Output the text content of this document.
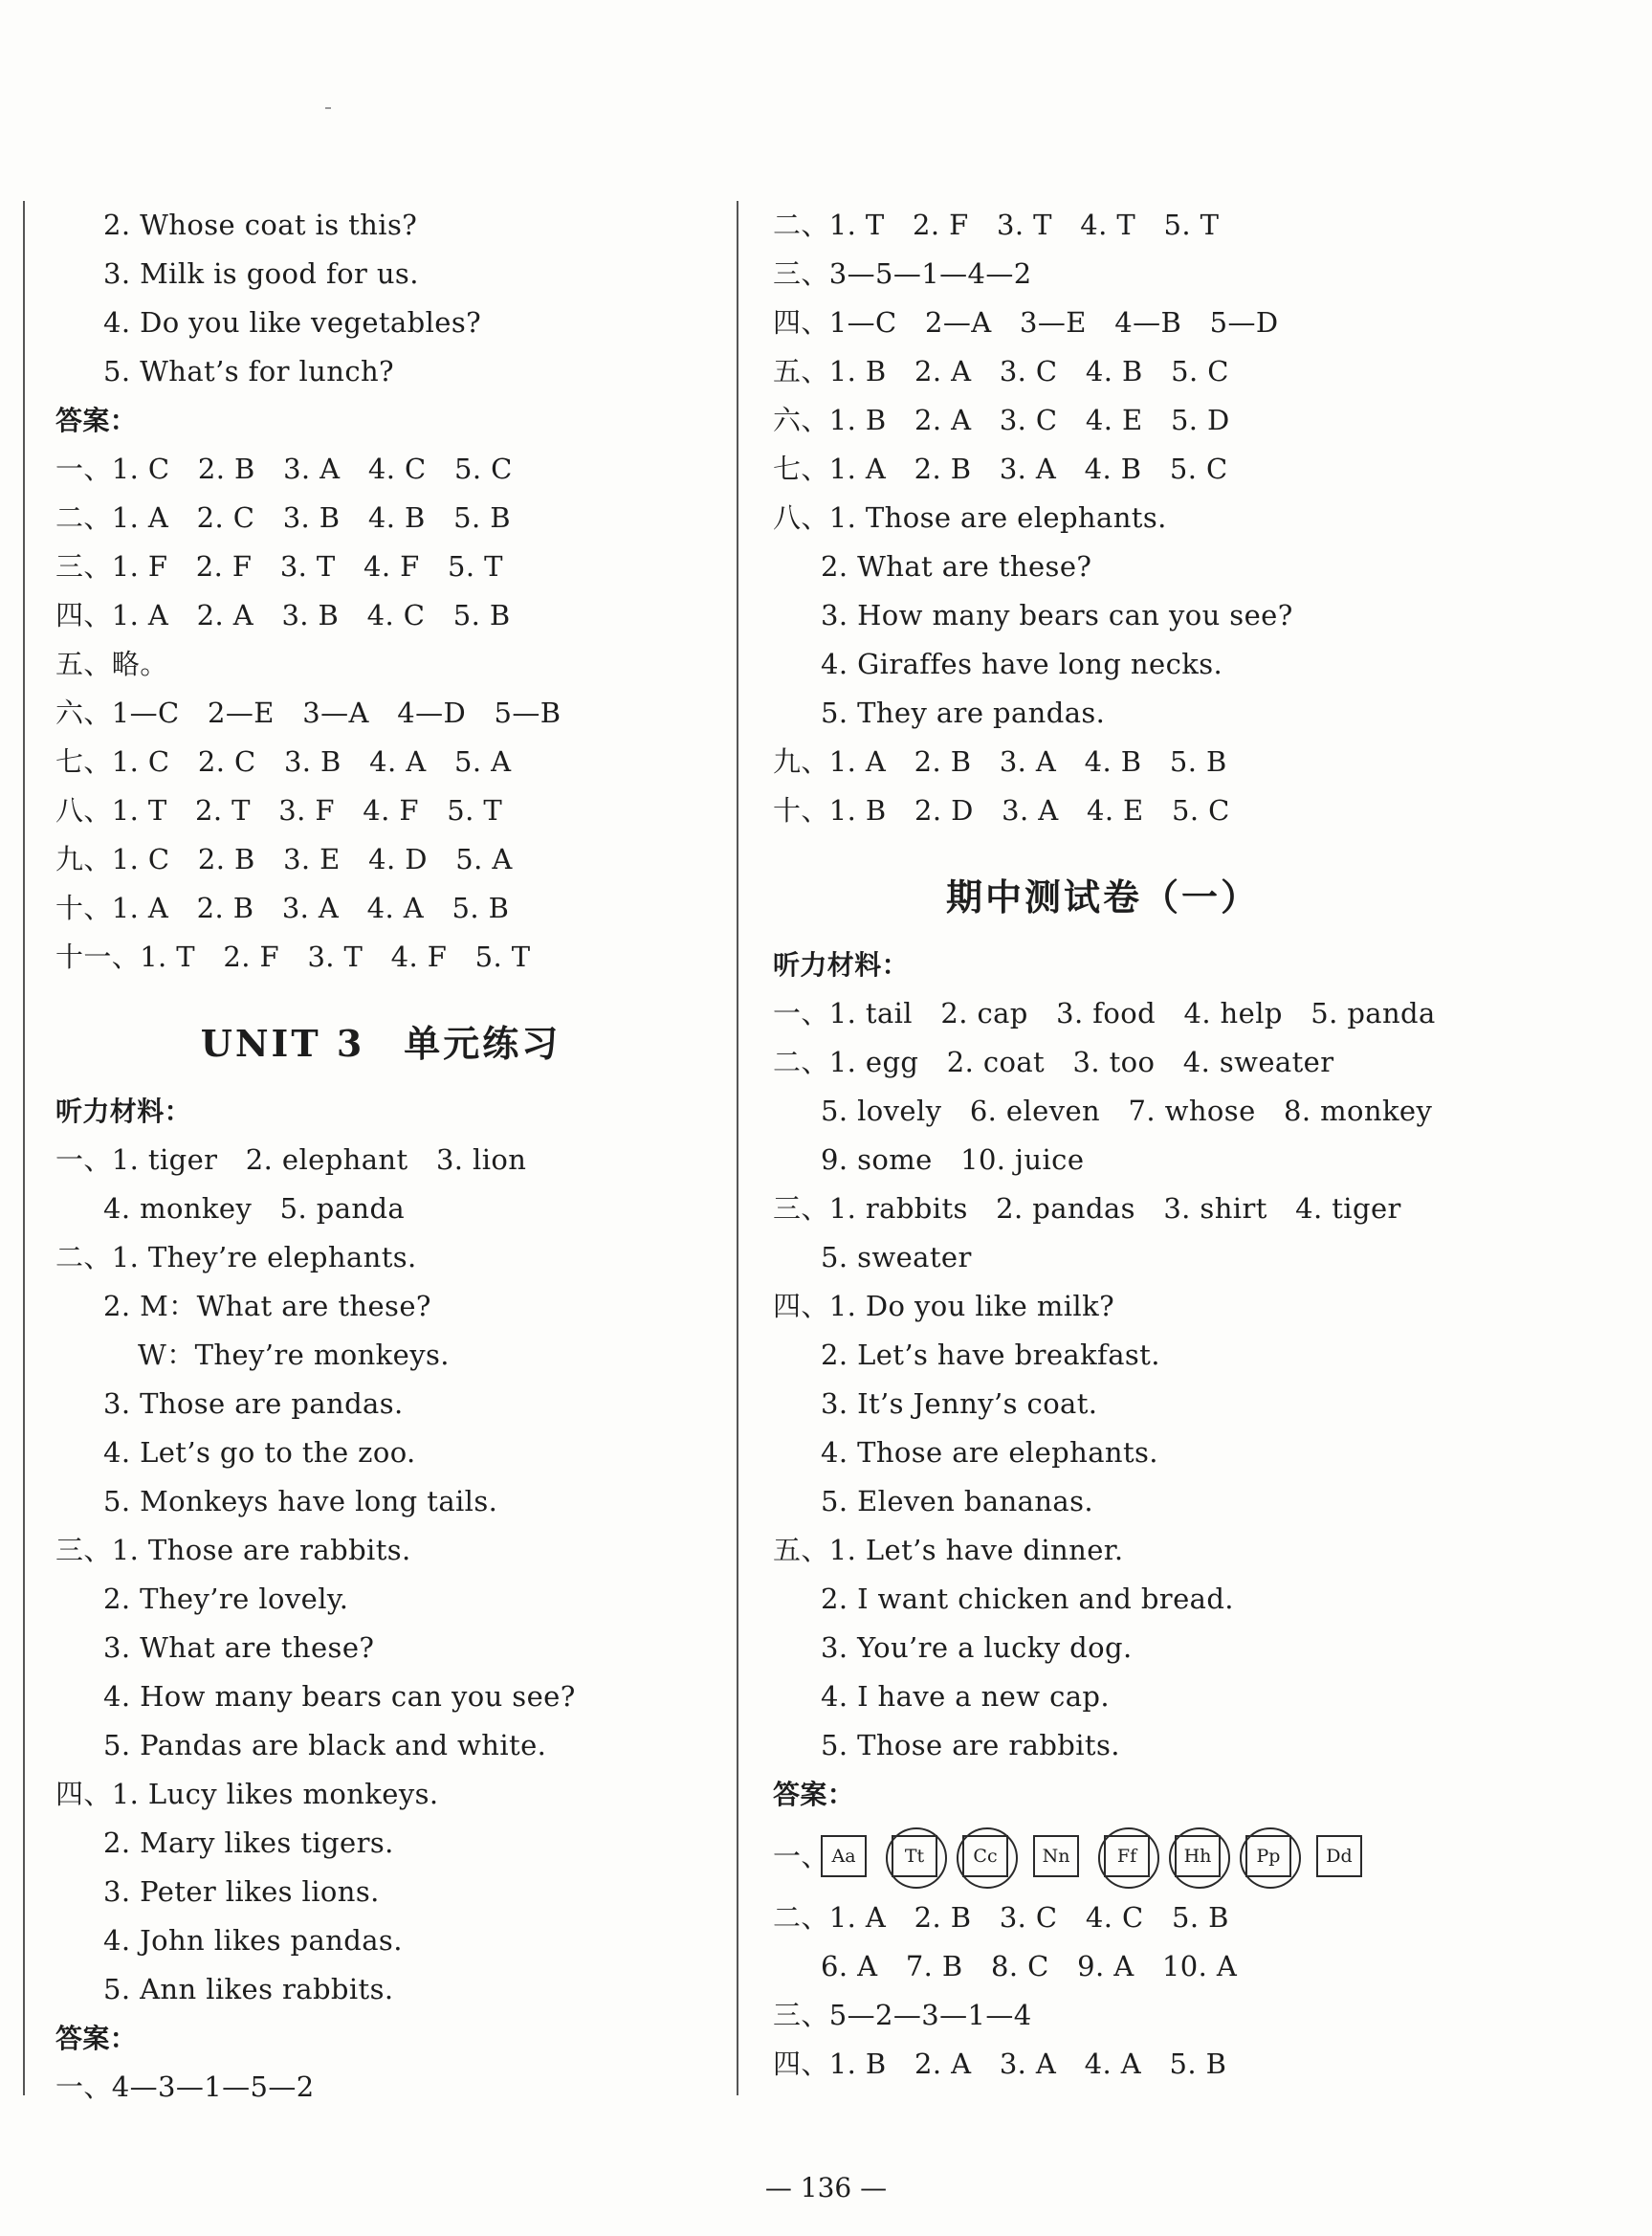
2. Whose coat is this?
3. Milk is good for us.
4. Do you like vegetables?
5. What’s for lunch?
答案：
一、1. C　2. B　3. A　4. C　5. C
二、1. A　2. C　3. B　4. B　5. B
三、1. F　2. F　3. T　4. F　5. T
四、1. A　2. A　3. B　4. C　5. B
五、略。
六、1—C　2—E　3—A　4—D　5—B
七、1. C　2. C　3. B　4. A　5. A
八、1. T　2. T　3. F　4. F　5. T
九、1. C　2. B　3. E　4. D　5. A
十、1. A　2. B　3. A　4. A　5. B
十一、1. T　2. F　3. T　4. F　5. T
UNIT 3　单元练习
听力材料：
一、1. tiger　2. elephant　3. lion
4. monkey　5. panda
二、1. They’re elephants.
2. M：What are these?
W：They’re monkeys.
3. Those are pandas.
4. Let’s go to the zoo.
5. Monkeys have long tails.
三、1. Those are rabbits.
2. They’re lovely.
3. What are these?
4. How many bears can you see?
5. Pandas are black and white.
四、1. Lucy likes monkeys.
2. Mary likes tigers.
3. Peter likes lions.
4. John likes pandas.
5. Ann likes rabbits.
答案：
一、4—3—1—5—2
二、1. T　2. F　3. T　4. T　5. T
三、3—5—1—4—2
四、1—C　2—A　3—E　4—B　5—D
五、1. B　2. A　3. C　4. B　5. C
六、1. B　2. A　3. C　4. E　5. D
七、1. A　2. B　3. A　4. B　5. C
八、1. Those are elephants.
2. What are these?
3. How many bears can you see?
4. Giraffes have long necks.
5. They are pandas.
九、1. A　2. B　3. A　4. B　5. B
十、1. B　2. D　3. A　4. E　5. C
期中测试卷（一）
听力材料：
一、1. tail　2. cap　3. food　4. help　5. panda
二、1. egg　2. coat　3. too　4. sweater
5. lovely　6. eleven　7. whose　8. monkey
9. some　10. juice
三、1. rabbits　2. pandas　3. shirt　4. tiger
5. sweater
四、1. Do you like milk?
2. Let’s have breakfast.
3. It’s Jenny’s coat.
4. Those are elephants.
5. Eleven bananas.
五、1. Let’s have dinner.
2. I want chicken and bread.
3. You’re a lucky dog.
4. I have a new cap.
5. Those are rabbits.
答案：
一、 Aa	Tt	Cc	Nn	Ff	Hh	Pp	Dd
二、1. A　2. B　3. C　4. C　5. B
6. A　7. B　8. C　9. A　10. A
三、5—2—3—1—4
四、1. B　2. A　3. A　4. A　5. B
— 136 —
